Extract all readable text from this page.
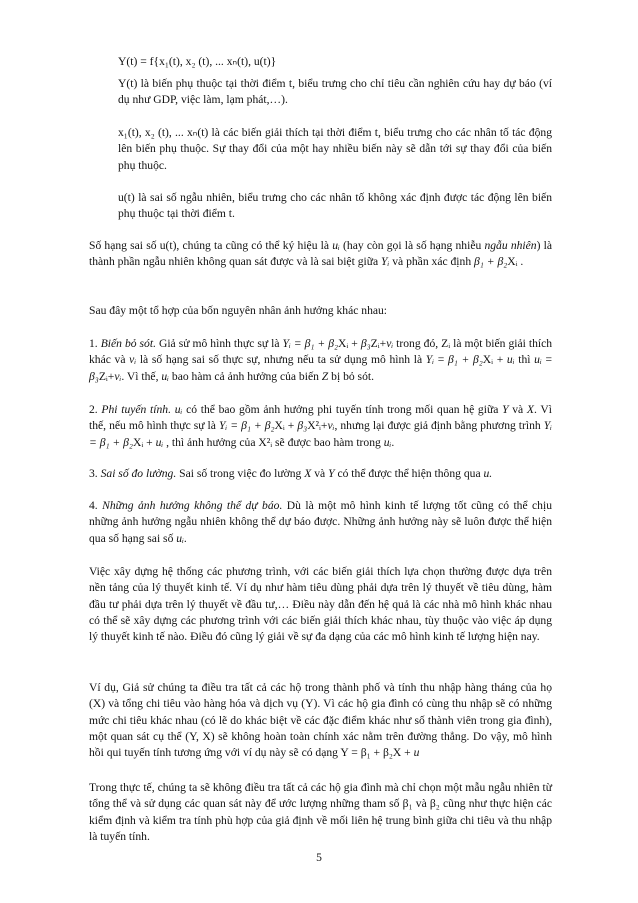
Y(t) = f{x₁(t), x₂ (t), ... xₙ(t), u(t)}

Y(t) là biến phụ thuộc tại thời điểm t, biểu trưng cho chỉ tiêu cần nghiên cứu hay dự báo (ví dụ như GDP, việc làm, lạm phát,…).

x₁(t), x₂ (t), ... xₙ(t) là các biến giải thích tại thời điểm t, biểu trưng cho các nhân tố tác động lên biến phụ thuộc. Sự thay đổi của một hay nhiều biến này sẽ dẫn tới sự thay đổi của biến phụ thuộc.

u(t) là sai số ngẫu nhiên, biểu trưng cho các nhân tố không xác định được tác động lên biến phụ thuộc tại thời điểm t.

Số hạng sai số u(t), chúng ta cũng có thể ký hiệu là uᵢ (hay còn gọi là số hạng nhiễu ngẫu nhiên) là thành phần ngẫu nhiên không quan sát được và là sai biệt giữa Yᵢ và phần xác định β₁ + β₂Xᵢ .

Sau đây một tổ hợp của bốn nguyên nhân ảnh hưởng khác nhau:

1. Biến bỏ sót. Giả sử mô hình thực sự là Yᵢ = β₁ + β₂Xᵢ + β₃Zᵢ+vᵢ trong đó, Zᵢ là một biến giải thích khác và vᵢ là số hạng sai số thực sự, nhưng nếu ta sử dụng mô hình là Yᵢ = β₁ + β₂Xᵢ + uᵢ thì uᵢ = β₃Zᵢ+vᵢ. Vì thế, uᵢ bao hàm cả ảnh hưởng của biến Z bị bỏ sót.

2. Phi tuyến tính. uᵢ có thể bao gồm ảnh hưởng phi tuyến tính trong mối quan hệ giữa Y và X. Vì thế, nếu mô hình thực sự là Yᵢ = β₁ + β₂Xᵢ + β₃X²ᵢ+vᵢ, nhưng lại được giả định bằng phương trình Yᵢ = β₁ + β₂Xᵢ + uᵢ , thì ảnh hưởng của X²ᵢ sẽ được bao hàm trong uᵢ.

3. Sai số đo lường. Sai số trong việc đo lường X và Y có thể được thể hiện thông qua u.

4. Những ảnh hưởng không thể dự báo. Dù là một mô hình kinh tế lượng tốt cũng có thể chịu những ảnh hưởng ngẫu nhiên không thể dự báo được. Những ảnh hưởng này sẽ luôn được thể hiện qua số hạng sai số uᵢ.

Việc xây dựng hệ thống các phương trình, với các biến giải thích lựa chọn thường được dựa trên nền tảng của lý thuyết kinh tế. Ví dụ như hàm tiêu dùng phải dựa trên lý thuyết về tiêu dùng, hàm đầu tư phải dựa trên lý thuyết về đầu tư,… Điều này dẫn đến hệ quả là các nhà mô hình khác nhau có thể sẽ xây dựng các phương trình với các biến giải thích khác nhau, tùy thuộc vào việc áp dụng lý thuyết kinh tế nào. Điều đó cũng lý giải về sự đa dạng của các mô hình kinh tế lượng hiện nay.

Ví dụ, Giả sử chúng ta điều tra tất cả các hộ trong thành phố và tính thu nhập hàng tháng của họ (X) và tổng chi tiêu vào hàng hóa và dịch vụ (Y). Vì các hộ gia đình có cùng thu nhập sẽ có những mức chi tiêu khác nhau (có lẽ do khác biệt về các đặc điểm khác như số thành viên trong gia đình), một quan sát cụ thể (Y, X) sẽ không hoàn toàn chính xác nằm trên đường thẳng. Do vậy, mô hình hồi qui tuyến tính tương ứng với ví dụ này sẽ có dạng Y = β₁ + β₂X + u

Trong thực tế, chúng ta sẽ không điều tra tất cả các hộ gia đình mà chỉ chọn một mẫu ngẫu nhiên từ tổng thể và sử dụng các quan sát này để ước lượng những tham số β₁ và β₂ cũng như thực hiện các kiểm định và kiểm tra tính phù hợp của giả định về mối liên hệ trung bình giữa chi tiêu và thu nhập là tuyến tính.

5
